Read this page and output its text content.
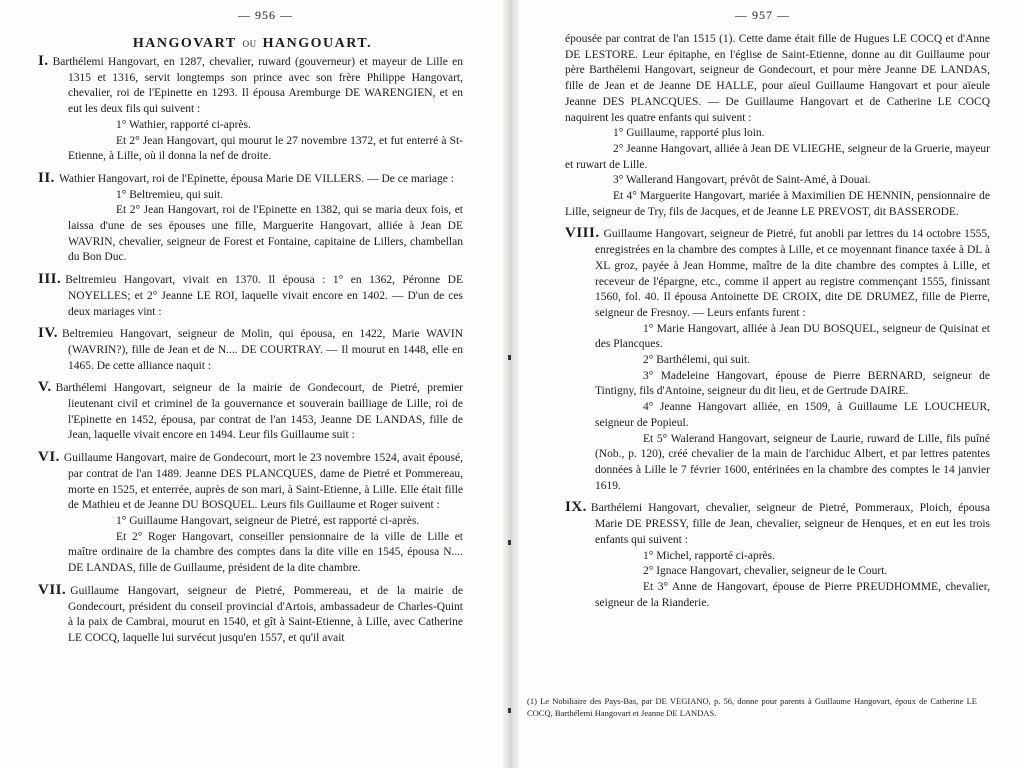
— 956 —
HANGOVART OU HANGOUART.

I. Barthélemi Hangovart, en 1287, chevalier, ruward (gouverneur) et mayeur de Lille en 1315 et 1316, servit longtemps son prince avec son frère Philippe Hangovart, chevalier, roi de l'Epinette en 1293. Il épousa Aremburge DE WARENGIEN, et en eut les deux fils qui suivent :

1° Wathier, rapporté ci-après.

Et 2° Jean Hangovart, qui mourut le 27 novembre 1372, et fut enterré à St-Etienne, à Lille, où il donna la nef de droite.

II. Wathier Hangovart, roi de l'Epinette, épousa Marie DE VILLERS. — De ce mariage :

1° Beltremieu, qui suit.

Et 2° Jean Hangovart, roi de l'Epinette en 1382, qui se maria deux fois, et laissa d'une de ses épouses une fille, Marguerite Hangovart, alliée à Jean DE WAVRIN, chevalier, seigneur de Forest et Fontaine, capitaine de Lillers, chambellan du Bon Duc.

III. Beltremieu Hangovart, vivait en 1370. Il épousa : 1° en 1362, Péronne DE NOYELLES; et 2° Jeanne LE ROI, laquelle vivait encore en 1402. — D'un de ces deux mariages vint :

IV. Beltremieu Hangovart, seigneur de Molin, qui épousa, en 1422, Marie WAVIN (WAVRIN?), fille de Jean et de N.... DE COURTRAY. — Il mourut en 1448, elle en 1465. De cette alliance naquit :

V. Barthélemi Hangovart, seigneur de la mairie de Gondecourt, de Pietré, premier lieutenant civil et criminel de la gouvernance et souverain bailliage de Lille, roi de l'Epinette en 1452, épousa, par contrat de l'an 1453, Jeanne DE LANDAS, fille de Jean, laquelle vivait encore en 1494. Leur fils Guillaume suit :

VI. Guillaume Hangovart, maire de Gondecourt, mort le 23 novembre 1524, avait épousé, par contrat de l'an 1489. Jeanne DES PLANCQUES, dame de Pietré et Pommereau, morte en 1525, et enterrée, auprès de son mari, à Saint-Etienne, à Lille. Elle était fille de Mathieu et de Jeanne DU BOSQUEL. Leurs fils Guillaume et Roger suivent :

1° Guillaume Hangovart, seigneur de Pietré, est rapporté ci-après.

Et 2° Roger Hangovart, conseiller pensionnaire de la ville de Lille et maître ordinaire de la chambre des comptes dans la dite ville en 1545, épousa N.... DE LANDAS, fille de Guillaume, président de la dite chambre.

VII. Guillaume Hangovart, seigneur de Pietré, Pommereau, et de la mairie de Gondecourt, président du conseil provincial d'Artois, ambassadeur de Charles-Quint à la paix de Cambrai, mourut en 1540, et gît à Saint-Etienne, à Lille, avec Catherine LE COCQ, laquelle lui survécut jusqu'en 1557, et qu'il avait

— 957 —

épousée par contrat de l'an 1515 (1). Cette dame était fille de Hugues LE COCQ et d'Anne DE LESTORE. Leur épitaphe, en l'église de Saint-Etienne, donne au dit Guillaume pour père Barthélemi Hangovart, seigneur de Gondecourt, et pour mère Jeanne DE LANDAS, fille de Jean et de Jeanne DE HALLE, pour aïeul Guillaume Hangovart et pour aïeule Jeanne DES PLANCQUES. — De Guillaume Hangovart et de Catherine LE COCQ naquirent les quatre enfants qui suivent :

1° Guillaume, rapporté plus loin.

2° Jeanne Hangovart, alliée à Jean DE VLIEGHE, seigneur de la Gruerie, mayeur et ruwart de Lille.

3° Wallerand Hangovart, prévôt de Saint-Amé, à Douai.

Et 4° Marguerite Hangovart, mariée à Maximilien DE HENNIN, pensionnaire de Lille, seigneur de Try, fils de Jacques, et de Jeanne LE PREVOST, dit BASSERODE.

VIII. Guillaume Hangovart, seigneur de Pietré, fut anobli par lettres du 14 octobre 1555, enregistrées en la chambre des comptes à Lille, et ce moyennant finance taxée à DL à XL groz, payée à Jean Homme, maître de la dite chambre des comptes à Lille, et receveur de l'épargne, etc., comme il appert au registre commençant 1555, finissant 1560, fol. 40. Il épousa Antoinette DE CROIX, dite DE DRUMEZ, fille de Pierre, seigneur de Fresnoy. — Leurs enfants furent :

1° Marie Hangovart, alliée à Jean DU BOSQUEL, seigneur de Quisinat et des Plancques.

2° Barthélemi, qui suit.

3° Madeleine Hangovart, épouse de Pierre BERNARD, seigneur de Tintigny, fils d'Antoine, seigneur du dit lieu, et de Gertrude DAIRE.

4° Jeanne Hangovart alliée, en 1509, à Guillaume LE LOUCHEUR, seigneur de Popieul.

Et 5° Walerand Hangovart, seigneur de Laurie, ruward de Lille, fils puîné (Nob., p. 120), créé chevalier de la main de l'archiduc Albert, et par lettres patentes données à Lille le 7 février 1600, entérinées en la chambre des comptes le 14 janvier 1619.

IX. Barthélemi Hangovart, chevalier, seigneur de Pietré, Pommeraux, Ploich, épousa Marie DE PRESSY, fille de Jean, chevalier, seigneur de Henques, et en eut les trois enfants qui suivent :

1° Michel, rapporté ci-après.

2° Ignace Hangovart, chevalier, seigneur de le Court.

Et 3° Anne de Hangovart, épouse de Pierre PREUDHOMME, chevalier, seigneur de la Rianderie.

(1) Le Nobiliaire des Pays-Bas, par DE VEGIANO, p. 56, donne pour parents à Guillaume Hangovart, époux de Catherine LE COCQ, Barthélemi Hangovart et Jeanne DE LANDAS.
